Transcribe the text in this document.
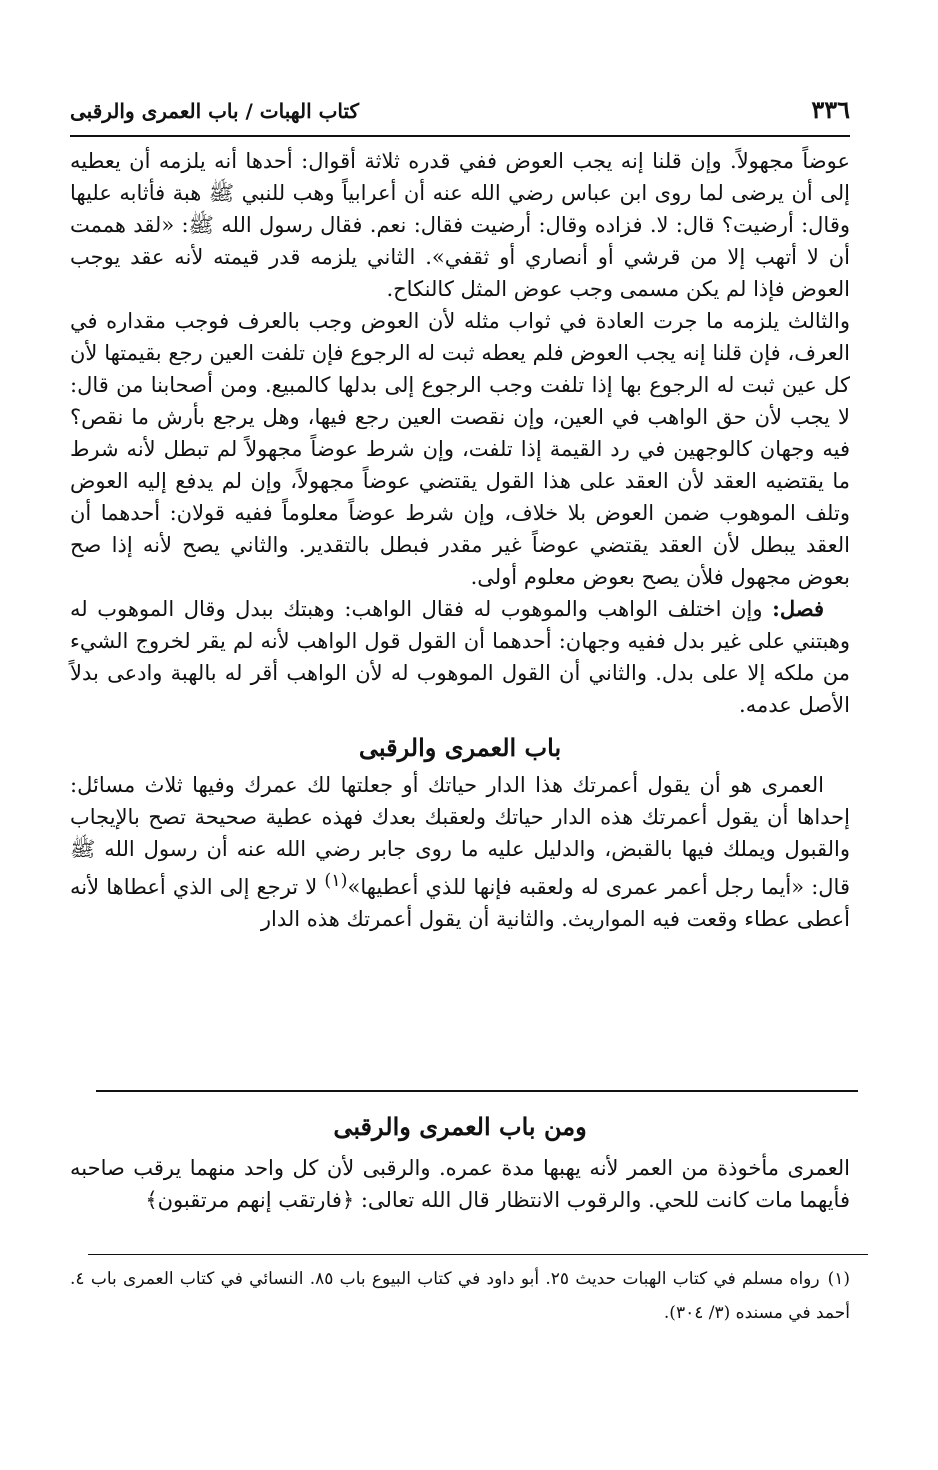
٣٣٦
كتاب الهبات / باب العمرى والرقبى

عوضاً مجهولاً. وإن قلنا إنه يجب العوض ففي قدره ثلاثة أقوال: أحدها أنه يلزمه أن يعطيه إلى أن يرضى لما روى ابن عباس رضي الله عنه أن أعرابياً وهب للنبي ﷺ هبة فأثابه عليها وقال: أرضيت؟ قال: لا. فزاده وقال: أرضيت فقال: نعم. فقال رسول الله ﷺ: «لقد هممت أن لا أتهب إلا من قرشي أو أنصاري أو ثقفي». الثاني يلزمه قدر قيمته لأنه عقد يوجب العوض فإذا لم يكن مسمى وجب عوض المثل كالنكاح.

والثالث يلزمه ما جرت العادة في ثواب مثله لأن العوض وجب بالعرف فوجب مقداره في العرف، فإن قلنا إنه يجب العوض فلم يعطه ثبت له الرجوع فإن تلفت العين رجع بقيمتها لأن كل عين ثبت له الرجوع بها إذا تلفت وجب الرجوع إلى بدلها كالمبيع. ومن أصحابنا من قال: لا يجب لأن حق الواهب في العين، وإن نقصت العين رجع فيها، وهل يرجع بأرش ما نقص؟ فيه وجهان كالوجهين في رد القيمة إذا تلفت، وإن شرط عوضاً مجهولاً لم تبطل لأنه شرط ما يقتضيه العقد لأن العقد على هذا القول يقتضي عوضاً مجهولاً، وإن لم يدفع إليه العوض وتلف الموهوب ضمن العوض بلا خلاف، وإن شرط عوضاً معلوماً ففيه قولان: أحدهما أن العقد يبطل لأن العقد يقتضي عوضاً غير مقدر فبطل بالتقدير. والثاني يصح لأنه إذا صح بعوض مجهول فلأن يصح بعوض معلوم أولى.

فصل: وإن اختلف الواهب والموهوب له فقال الواهب: وهبتك ببدل وقال الموهوب له وهبتني على غير بدل ففيه وجهان: أحدهما أن القول قول الواهب لأنه لم يقر لخروج الشيء من ملكه إلا على بدل. والثاني أن القول الموهوب له لأن الواهب أقر له بالهبة وادعى بدلاً الأصل عدمه.

باب العمرى والرقبى

العمرى هو أن يقول أعمرتك هذا الدار حياتك أو جعلتها لك عمرك وفيها ثلاث مسائل: إحداها أن يقول أعمرتك هذه الدار حياتك ولعقبك بعدك فهذه عطية صحيحة تصح بالإيجاب والقبول ويملك فيها بالقبض، والدليل عليه ما روى جابر رضي الله عنه أن رسول الله ﷺ قال: «أيما رجل أعمر عمرى له ولعقبه فإنها للذي أعطيها»$^{(١)}$ لا ترجع إلى الذي أعطاها لأنه أعطى عطاء وقعت فيه المواريث. والثانية أن يقول أعمرتك هذه الدار

ومن باب العمرى والرقبى

العمرى مأخوذة من العمر لأنه يهبها مدة عمره. والرقبى لأن كل واحد منهما يرقب صاحبه فأيهما مات كانت للحي. والرقوب الانتظار قال الله تعالى: ﴿فارتقب إنهم مرتقبون﴾

(١)رواه مسلم في كتاب الهبات حديث ٢٥. أبو داود في كتاب البيوع باب ٨٥. النسائي في كتاب العمرى باب ٤. أحمد في مسنده (٣/ ٣٠٤).
